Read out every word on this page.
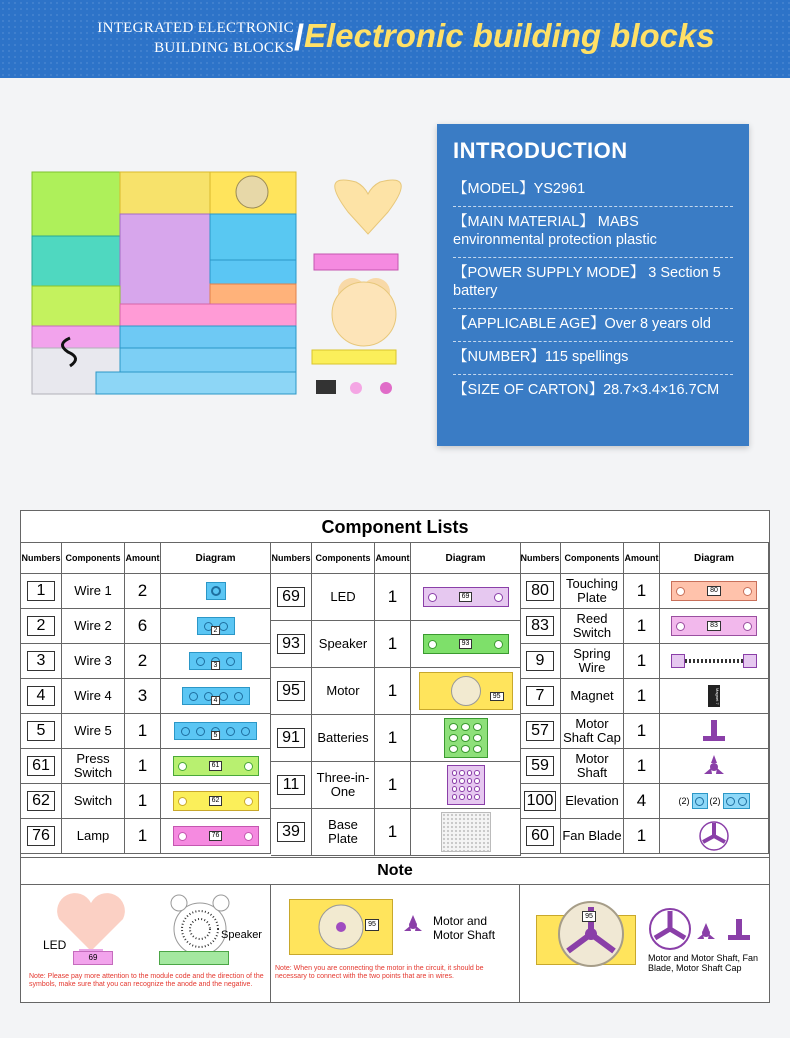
INTEGRATED ELECTRONIC
BUILDING BLOCKS / Electronic building blocks
INTRODUCTION
【MODEL】YS2961
【MAIN MATERIAL】 MABS environmental protection plastic
【POWER SUPPLY MODE】 3 Section 5 battery
【APPLICABLE AGE】Over 8 years old
【NUMBER】115 spellings
【SIZE OF CARTON】28.7×3.4×16.7CM
Component Lists
Numbers Components Amount	Diagram
1	Wire 1	2
2	Wire 2	6	2
3	Wire 3	2	3
4	Wire 4	3	4
5	Wire 5	1	5
61	Press Switch	1	61
62	Switch	1	62
76	Lamp	1	76
Numbers Components Amount	Diagram
69	LED	1	69
93	Speaker	1	93
95	Motor	1	95
91	Batteries	1
11	Three-in-One	1
39	Base Plate	1
Numbers Components Amount	Diagram
80	Touching Plate	1	80
83	Reed Switch	1	83
9	Spring Wire	1
7	Magnet	1	Magnet 7
57	Motor Shaft Cap 1
59	Motor Shaft	1
100 Elevation	4	(2)
(2)
60	Fan Blade 1
Note
69
LED
Speaker
Note: Please pay more attention to the module code and the direction of the symbols, make sure that you can recognize the anode and the negative.
95	Motor and
Motor Shaft
Note: When you are connecting the motor in the circuit, it should be necessary to connect with the two points that are in wires.
95
Motor and Motor Shaft, Fan Blade, Motor Shaft Cap
